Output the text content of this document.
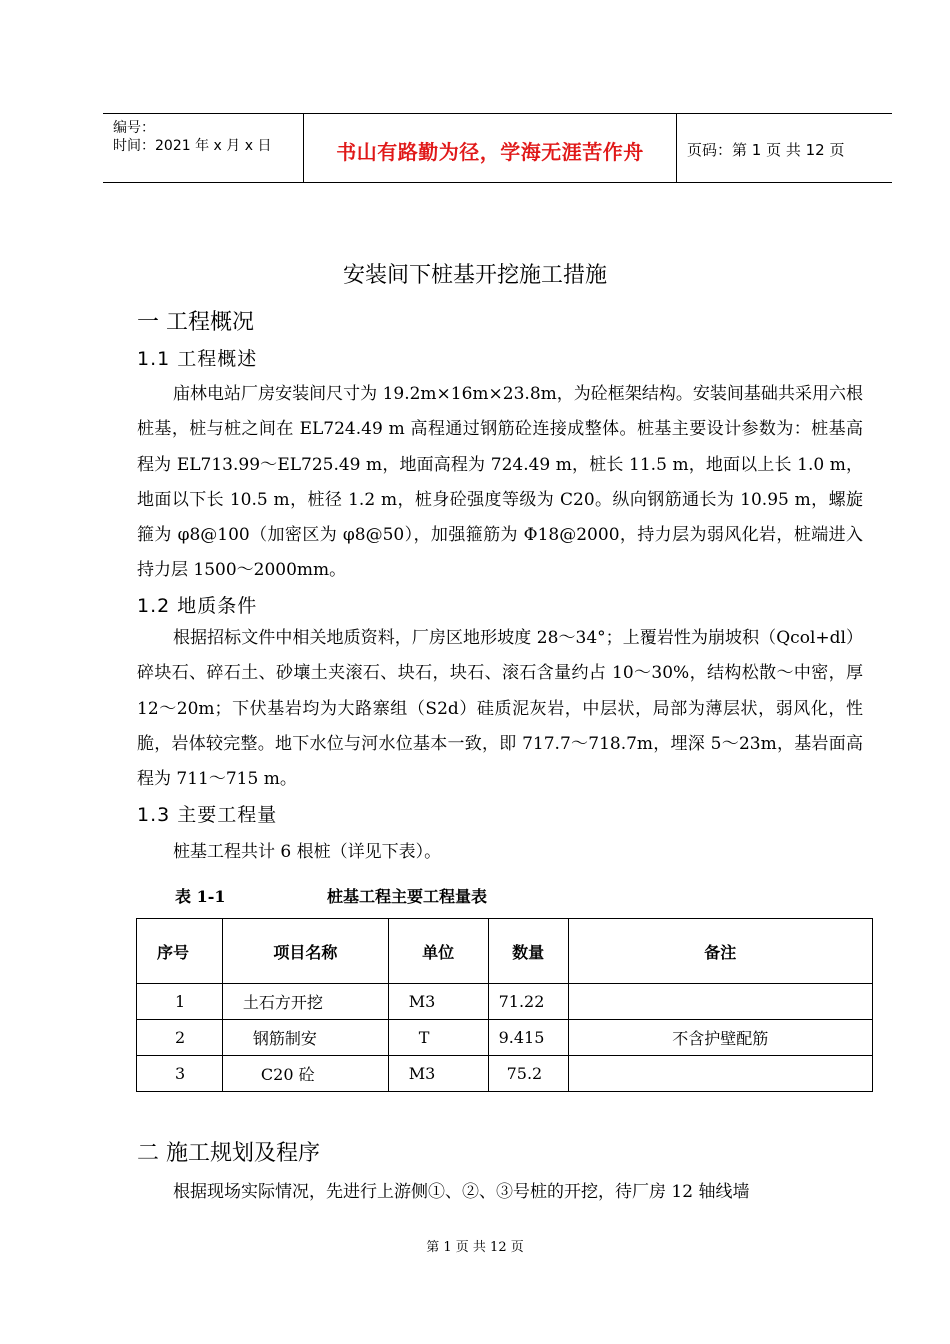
编号：
时间：2021 年 x 月 x 日	书山有路勤为径，学海无涯苦作舟	页码：第 1 页 共 12 页
安装间下桩基开挖施工措施
一 工程概况
1.1 工程概述

庙林电站厂房安装间尺寸为 19.2m×16m×23.8m，为砼框架结构。安装间基础共采用六根桩基，桩与桩之间在 EL724.49 m 高程通过钢筋砼连接成整体。桩基主要设计参数为：桩基高程为 EL713.99～EL725.49 m，地面高程为 724.49 m，桩长 11.5 m，地面以上长 1.0 m，地面以下长 10.5 m，桩径 1.2 m，桩身砼强度等级为 C20。纵向钢筋通长为 10.95 m，螺旋箍为 φ8@100（加密区为 φ8@50），加强箍筋为 Φ18@2000，持力层为弱风化岩，桩端进入持力层 1500～2000mm。

1.2 地质条件

根据招标文件中相关地质资料，厂房区地形坡度 28～34°；上覆岩性为崩坡积（Qcol+dl）碎块石、碎石土、砂壤土夹滚石、块石，块石、滚石含量约占 10～30%，结构松散～中密，厚 12～20m；下伏基岩均为大路寨组（S2d）硅质泥灰岩，中层状，局部为薄层状，弱风化，性脆，岩体较完整。地下水位与河水位基本一致，即 717.7～718.7m，埋深 5～23m，基岩面高程为 711～715 m。

1.3 主要工程量
桩基工程共计 6 根桩（详见下表）。
表 1-1	桩基工程主要工程量表
序号	项目名称	单位	数量	备注
1	土石方开挖	M3	71.22	
2	钢筋制安	T	9.415	不含护壁配筋
3	C20 砼	M3	75.2	
二 施工规划及程序
根据现场实际情况，先进行上游侧①、②、③号桩的开挖，待厂房 12 轴线墙
第 1 页 共 12 页
